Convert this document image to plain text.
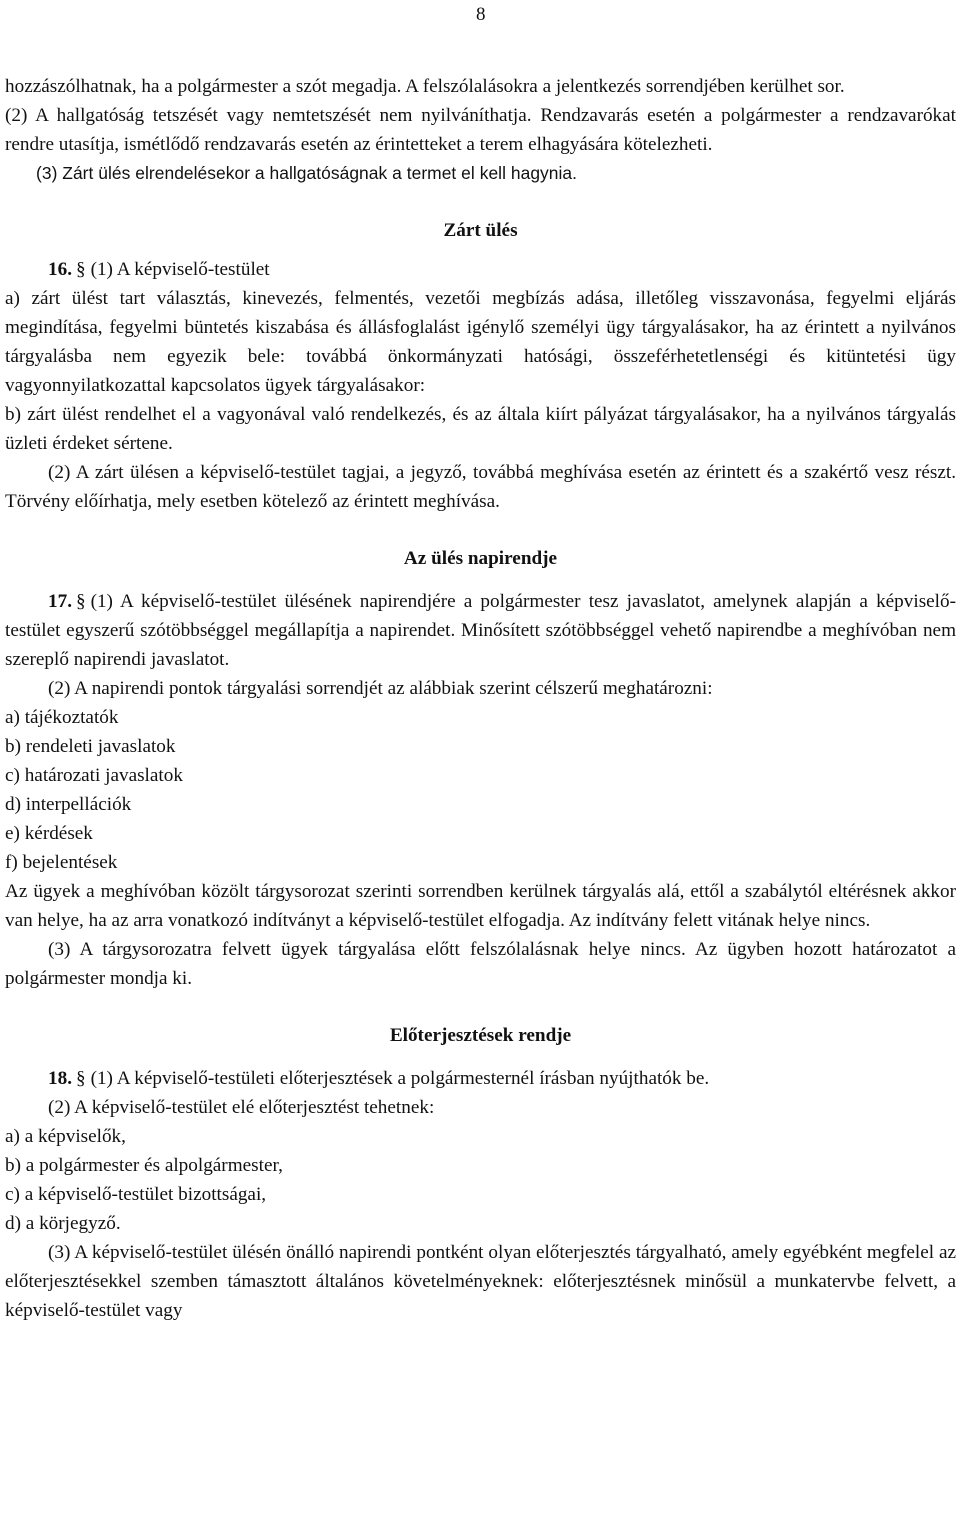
8

hozzászólhatnak, ha a polgármester a szót megadja. A felszólalásokra a jelentkezés sorrendjében kerülhet sor.

(2) A hallgatóság tetszését vagy nemtetszését nem nyilváníthatja. Rendzavarás esetén a polgármester a rendzavarókat rendre utasítja, ismétlődő rendzavarás esetén az érintetteket a terem elhagyására kötelezheti.

(3) Zárt ülés elrendelésekor a hallgatóságnak a termet el kell hagynia.

Zárt ülés

16. § (1) A képviselő-testület

a) zárt ülést tart választás, kinevezés, felmentés, vezetői megbízás adása, illetőleg visszavonása, fegyelmi eljárás megindítása, fegyelmi büntetés kiszabása és állásfoglalást igénylő személyi ügy tárgyalásakor, ha az érintett a nyilvános tárgyalásba nem egyezik bele: továbbá önkormányzati hatósági, összeférhetetlenségi és kitüntetési ügy vagyonnyilatkozattal kapcsolatos ügyek tárgyalásakor:

b) zárt ülést rendelhet el a vagyonával való rendelkezés, és az általa kiírt pályázat tárgyalásakor, ha a nyilvános tárgyalás üzleti érdeket sértene.

(2) A zárt ülésen a képviselő-testület tagjai, a jegyző, továbbá meghívása esetén az érintett és a szakértő vesz részt. Törvény előírhatja, mely esetben kötelező az érintett meghívása.

Az ülés napirendje

17. § (1) A képviselő-testület ülésének napirendjére a polgármester tesz javaslatot, amelynek alapján a képviselő-testület egyszerű szótöbbséggel megállapítja a napirendet. Minősített szótöbbséggel vehető napirendbe a meghívóban nem szereplő napirendi javaslatot.

(2) A napirendi pontok tárgyalási sorrendjét az alábbiak szerint célszerű meghatározni:

a) tájékoztatók

b) rendeleti javaslatok

c) határozati javaslatok

d) interpellációk

e) kérdések

f) bejelentések

Az ügyek a meghívóban közölt tárgysorozat szerinti sorrendben kerülnek tárgyalás alá, ettől a szabálytól eltérésnek akkor van helye, ha az arra vonatkozó indítványt a képviselő-testület elfogadja. Az indítvány felett vitának helye nincs.

(3) A tárgysorozatra felvett ügyek tárgyalása előtt felszólalásnak helye nincs. Az ügyben hozott határozatot a polgármester mondja ki.

Előterjesztések rendje

18. § (1) A képviselő-testületi előterjesztések a polgármesternél írásban nyújthatók be.

(2) A képviselő-testület elé előterjesztést tehetnek:

a) a képviselők,

b) a polgármester és alpolgármester,

c) a képviselő-testület bizottságai,

d) a körjegyző.

(3) A képviselő-testület ülésén önálló napirendi pontként olyan előterjesztés tárgyalható, amely egyébként megfelel az előterjesztésekkel szemben támasztott általános követelményeknek: előterjesztésnek minősül a munkatervbe felvett, a képviselő-testület vagy
